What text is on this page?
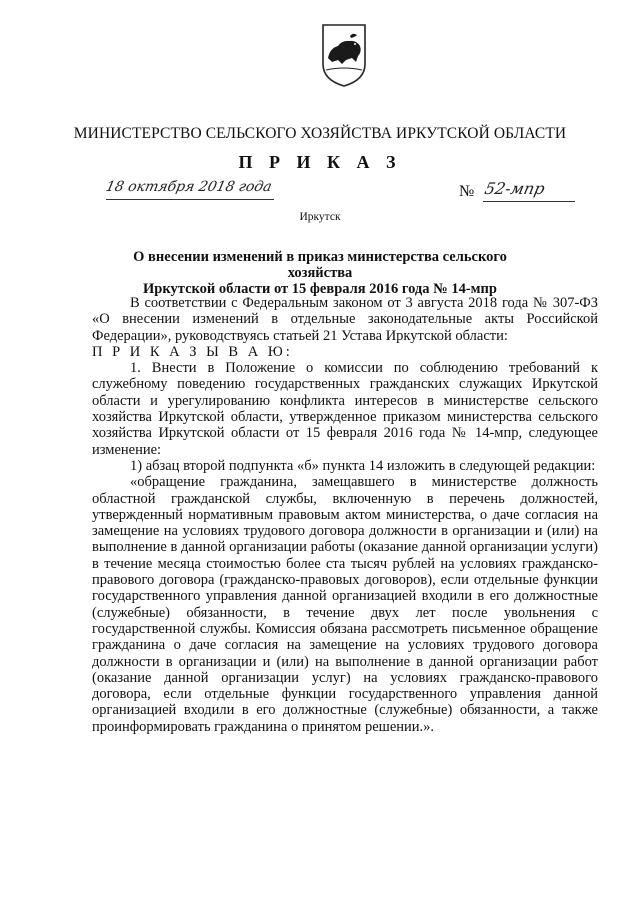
МИНИСТЕРСТВО СЕЛЬСКОГО ХОЗЯЙСТВА ИРКУТСКОЙ ОБЛАСТИ
П Р И К А З
18 октября 2018 года	№ 52-мпр
Иркутск
О внесении изменений в приказ министерства сельского хозяйства
Иркутской области от 15 февраля 2016 года № 14-мпр

В соответствии с Федеральным законом от 3 августа 2018 года № 307-ФЗ «О внесении изменений в отдельные законодательные акты Российской Федерации», руководствуясь статьей 21 Устава Иркутской области:

П Р И К А З Ы В А Ю:

1. Внести в Положение о комиссии по соблюдению требований к служебному поведению государственных гражданских служащих Иркутской области и урегулированию конфликта интересов в министерстве сельского хозяйства Иркутской области, утвержденное приказом министерства сельского хозяйства Иркутской области от 15 февраля 2016 года № 14-мпр, следующее изменение:

1) абзац второй подпункта «б» пункта 14 изложить в следующей редакции:

«обращение гражданина, замещавшего в министерстве должность областной гражданской службы, включенную в перечень должностей, утвержденный нормативным правовым актом министерства, о даче согласия на замещение на условиях трудового договора должности в организации и (или) на выполнение в данной организации работы (оказание данной организации услуги) в течение месяца стоимостью более ста тысяч рублей на условиях гражданско-правового договора (гражданско-правовых договоров), если отдельные функции государственного управления данной организацией входили в его должностные (служебные) обязанности, в течение двух лет после увольнения с государственной службы. Комиссия обязана рассмотреть письменное обращение гражданина о даче согласия на замещение на условиях трудового договора должности в организации и (или) на выполнение в данной организации работ (оказание данной организации услуг) на условиях гражданско-правового договора, если отдельные функции государственного управления данной организацией входили в его должностные (служебные) обязанности, а также проинформировать гражданина о принятом решении.».
